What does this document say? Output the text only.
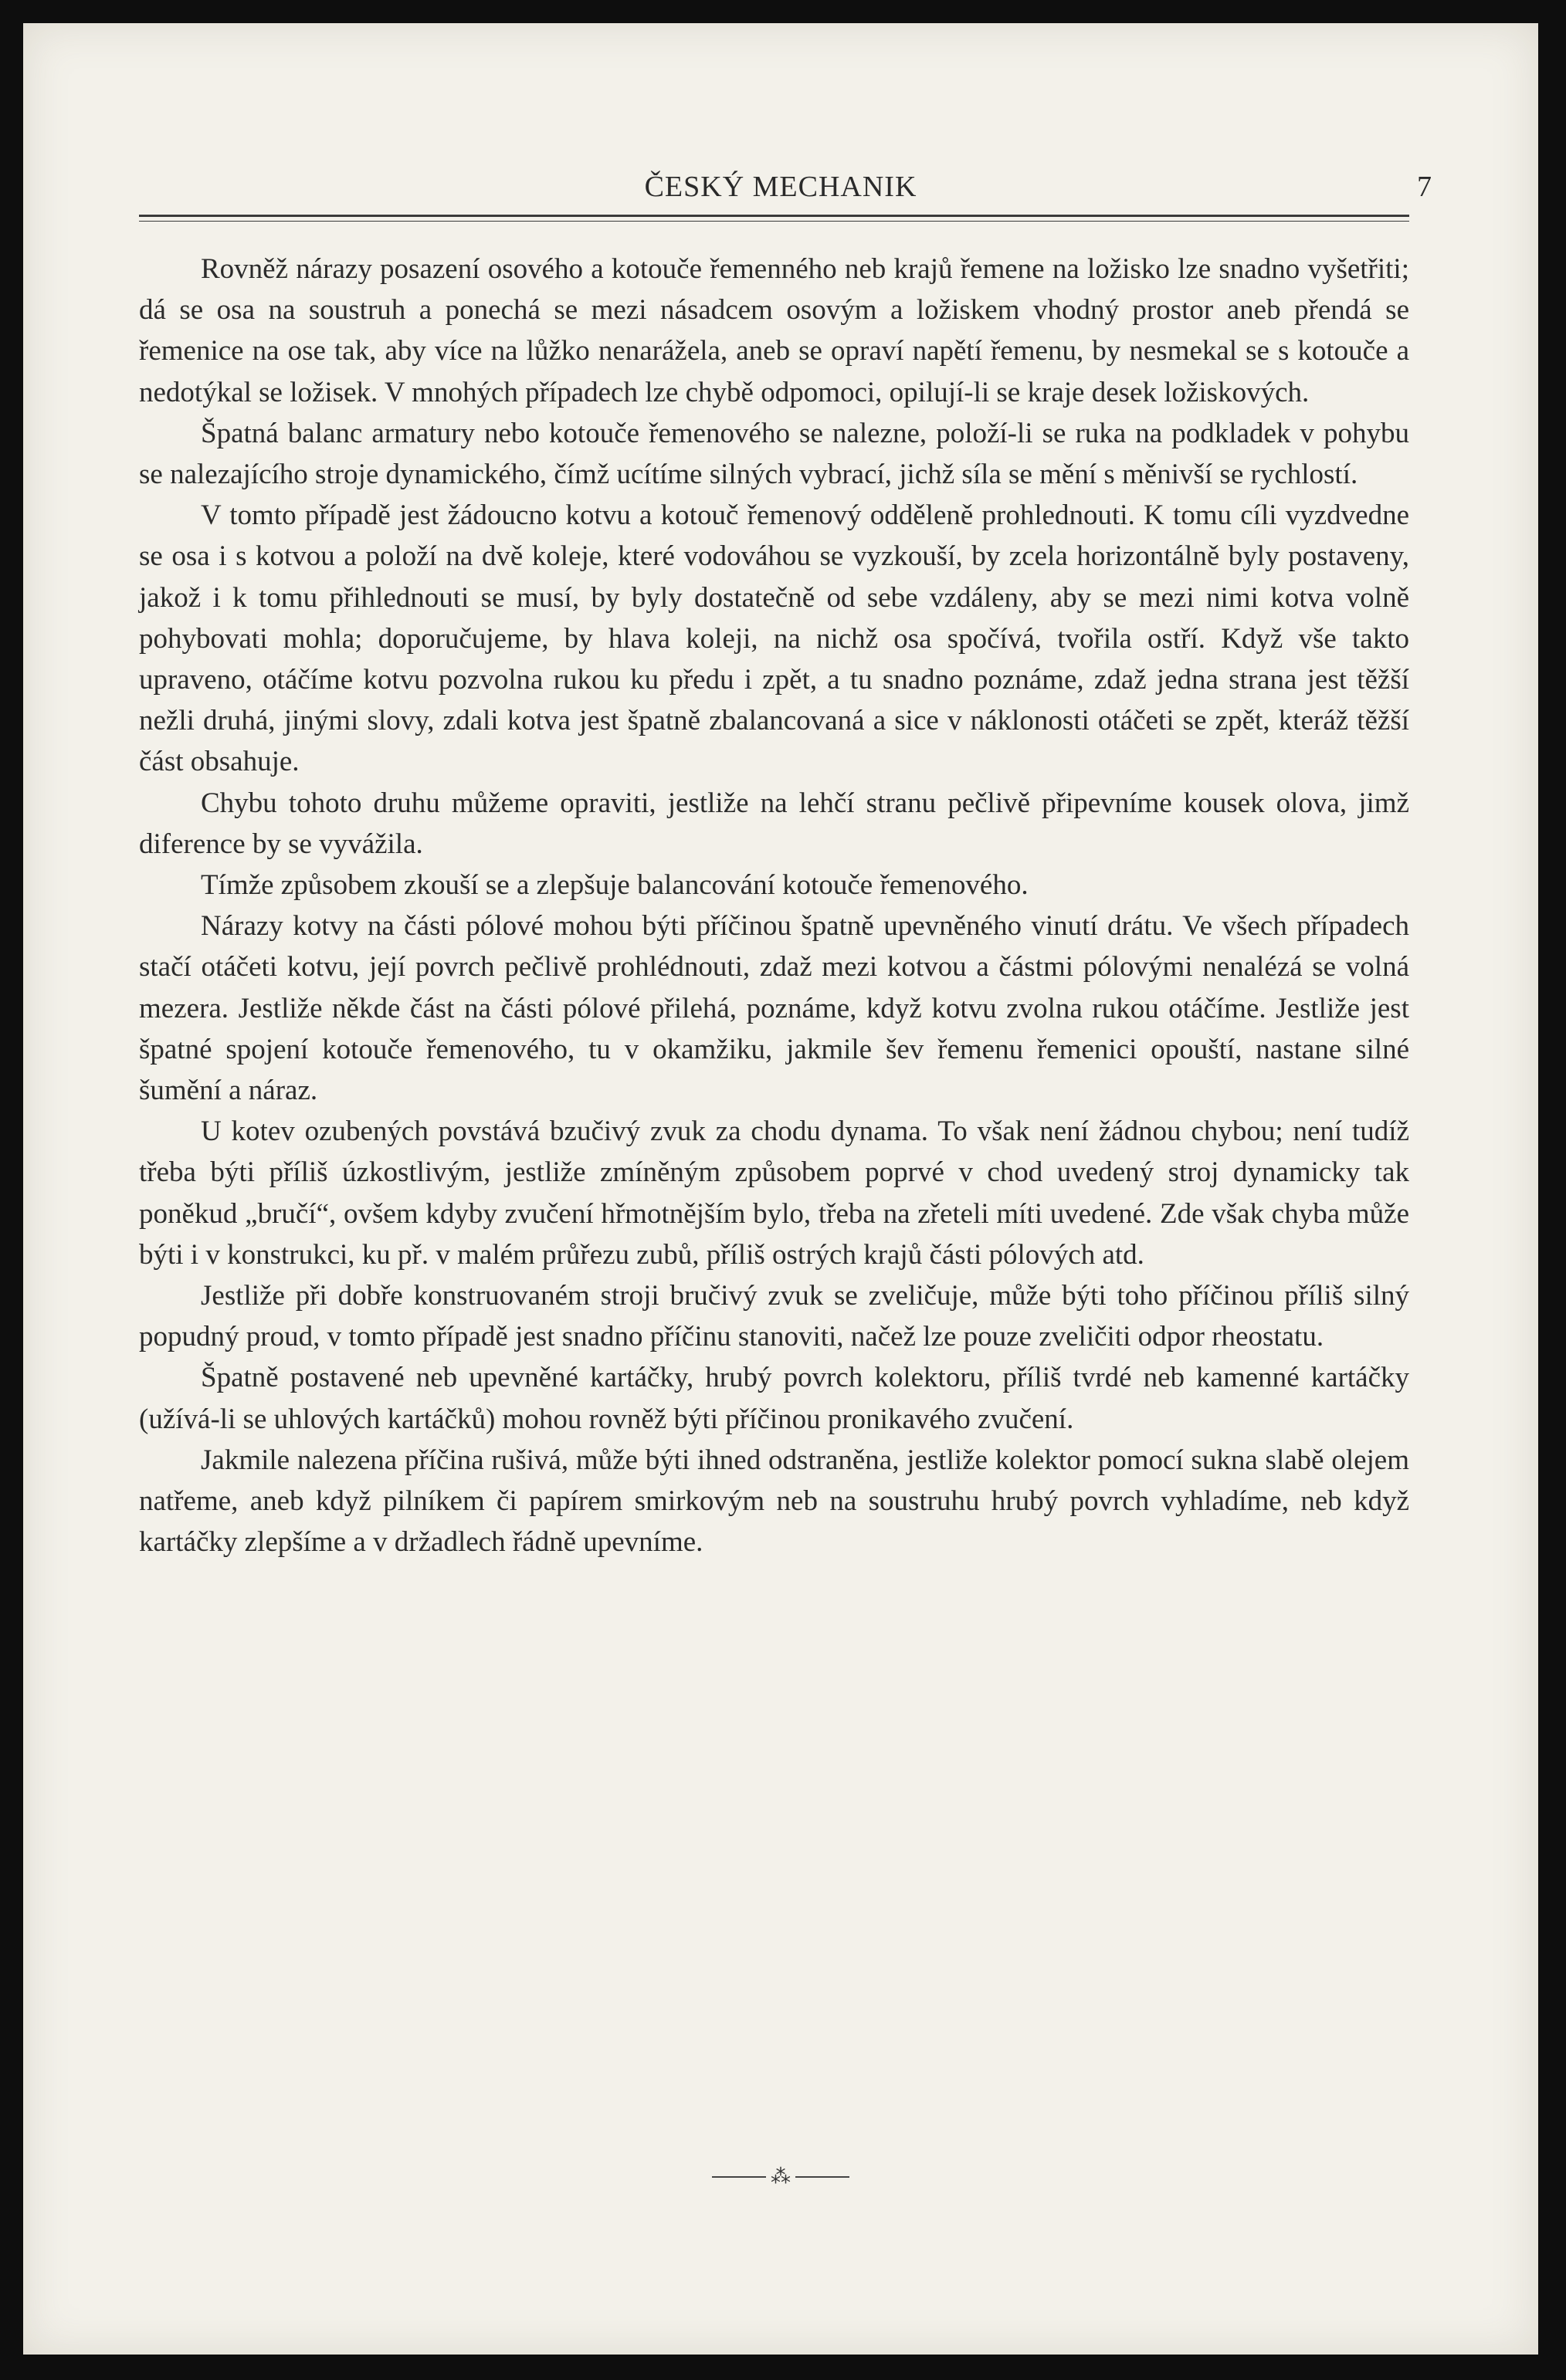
ČESKÝ MECHANIK	7

Rovněž nárazy posazení osového a kotouče řemenného neb krajů řemene na ložisko lze snadno vyšetřiti; dá se osa na soustruh a ponechá se mezi násadcem osovým a ložiskem vhodný prostor aneb přendá se řemenice na ose tak, aby více na lůžko nenarážela, aneb se opraví napětí řemenu, by nesmekal se s kotouče a nedotýkal se ložisek. V mnohých případech lze chybě odpomoci, opilují-li se kraje desek ložiskových.

Špatná balanc armatury nebo kotouče řemenového se nalezne, položí-li se ruka na podkladek v pohybu se nalezajícího stroje dynamického, čímž ucítíme silných vybrací, jichž síla se mění s měnivší se rychlostí.

V tomto případě jest žádoucno kotvu a kotouč řemenový odděleně prohlednouti. K tomu cíli vyzdvedne se osa i s kotvou a položí na dvě koleje, které vodováhou se vyzkouší, by zcela horizontálně byly postaveny, jakož i k tomu přihlednouti se musí, by byly dostatečně od sebe vzdáleny, aby se mezi nimi kotva volně pohybovati mohla; doporučujeme, by hlava koleji, na nichž osa spočívá, tvořila ostří. Když vše takto upraveno, otáčíme kotvu pozvolna rukou ku předu i zpět, a tu snadno poznáme, zdaž jedna strana jest těžší nežli druhá, jinými slovy, zdali kotva jest špatně zbalancovaná a sice v náklonosti otáčeti se zpět, kteráž těžší část obsahuje.

Chybu tohoto druhu můžeme opraviti, jestliže na lehčí stranu pečlivě připevníme kousek olova, jimž diference by se vyvážila.

Tímže způsobem zkouší se a zlepšuje balancování kotouče řemenového.

Nárazy kotvy na části pólové mohou býti příčinou špatně upevněného vinutí drátu. Ve všech případech stačí otáčeti kotvu, její povrch pečlivě prohlédnouti, zdaž mezi kotvou a částmi pólovými nenalézá se volná mezera. Jestliže někde část na části pólové přilehá, poznáme, když kotvu zvolna rukou otáčíme. Jestliže jest špatné spojení kotouče řemenového, tu v okamžiku, jakmile šev řemenu řemenici opouští, nastane silné šumění a náraz.

U kotev ozubených povstává bzučivý zvuk za chodu dynama. To však není žádnou chybou; není tudíž třeba býti příliš úzkostlivým, jestliže zmíněným způsobem poprvé v chod uvedený stroj dynamicky tak poněkud „bručí“, ovšem kdyby zvučení hřmotnějším bylo, třeba na zřeteli míti uvedené. Zde však chyba může býti i v konstrukci, ku př. v malém průřezu zubů, příliš ostrých krajů části pólových atd.

Jestliže při dobře konstruovaném stroji bručivý zvuk se zveličuje, může býti toho příčinou příliš silný popudný proud, v tomto případě jest snadno příčinu stanoviti, načež lze pouze zveličiti odpor rheostatu.

Špatně postavené neb upevněné kartáčky, hrubý povrch kolektoru, příliš tvrdé neb kamenné kartáčky (užívá-li se uhlových kartáčků) mohou rovněž býti příčinou pronikavého zvučení.

Jakmile nalezena příčina rušivá, může býti ihned odstraněna, jestliže kolektor pomocí sukna slabě olejem natřeme, aneb když pilníkem či papírem smirkovým neb na soustruhu hrubý povrch vyhladíme, neb když kartáčky zlepšíme a v držadlech řádně upevníme.

⁂
